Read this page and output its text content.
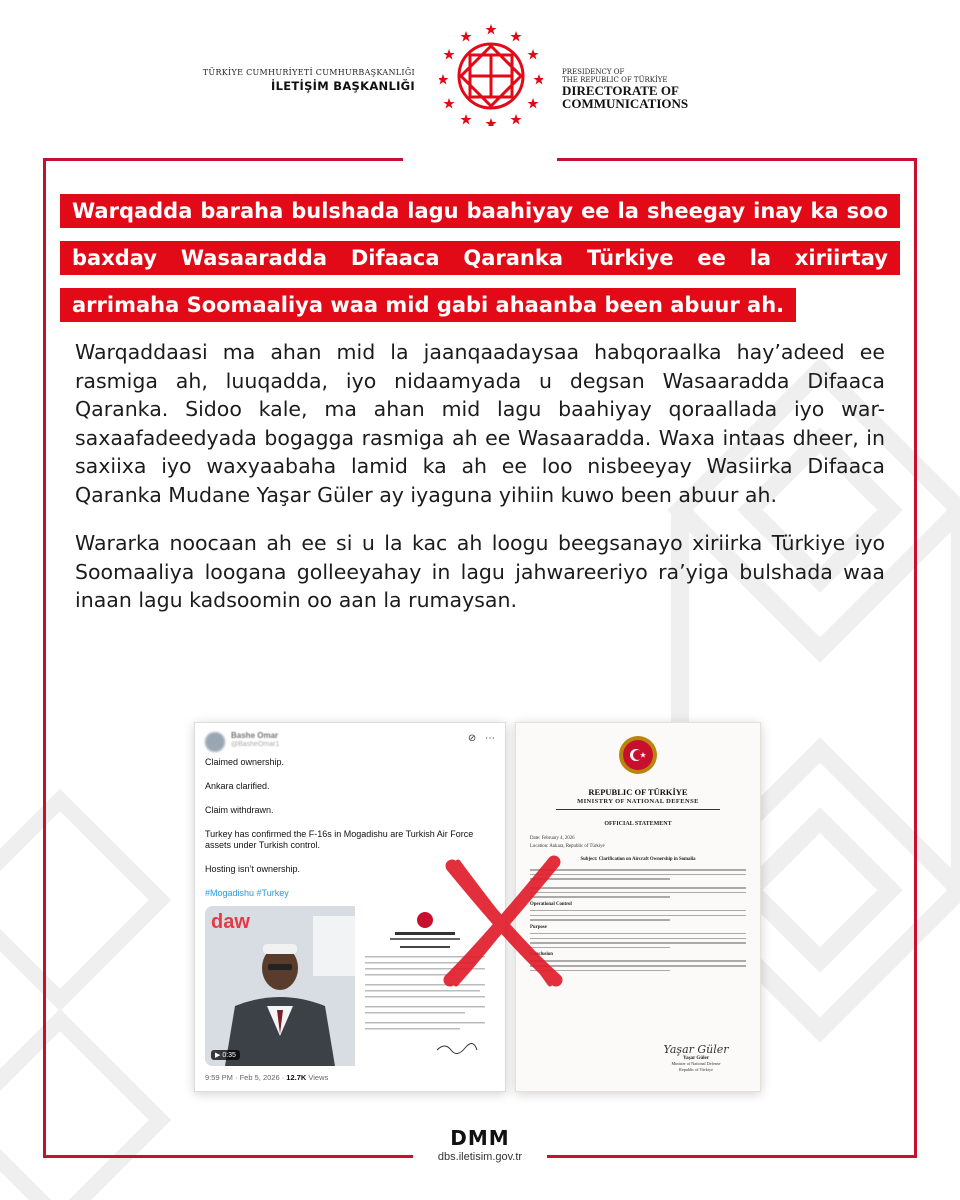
TÜRKİYE CUMHURİYETİ CUMHURBAŞKANLIĞI
İLETİŞİM BAŞKANLIĞI
PRESIDENCY OF
THE REPUBLIC OF TÜRKİYE
DIRECTORATE OF
COMMUNICATIONS
Warqadda baraha bulshada lagu baahiyay ee la sheegay inay ka soo
baxday Wasaaradda Difaaca Qaranka Türkiye ee la xiriirtay
arrimaha Soomaaliya waa mid gabi ahaanba been abuur ah.

Warqaddaasi ma ahan mid la jaanqaadaysaa habqoraalka hay’adeed ee rasmiga ah, luuqadda, iyo nidaamyada u degsan Wasaaradda Difaaca Qaranka. Sidoo kale, ma ahan mid lagu baahiyay qoraallada iyo war-saxaafadeedyada bogagga rasmiga ah ee Wasaaradda. Waxa intaas dheer, in saxiixa iyo waxyaabaha lamid ka ah ee loo nisbeeyay Wasiirka Difaaca Qaranka Mudane Yaşar Güler ay iyaguna yihiin kuwo been abuur ah.

Wararka noocaan ah ee si u la kac ah loogu beegsanayo xiriirka Türkiye iyo Soomaaliya loogana golleeyahay in lagu jahwareeriyo ra’yiga bulshada waa inaan lagu kadsoomin oo aan la rumaysan.

Bashe Omar
@BasheOmar1
⊘ ⋯
Claimed ownership.
Ankara clarified.
Claim withdrawn.
Turkey has confirmed the F-16s in Mogadishu are Turkish Air Force assets under Turkish control.
Hosting isn’t ownership.
#Mogadishu #Turkey
daw
▶ 0:35
9:59 PM · Feb 5, 2026 · 12.7K Views
REPUBLIC OF TÜRKİYE
MINISTRY OF NATIONAL DEFENSE
OFFICIAL STATEMENT
Date: February 4, 2026
Location: Ankara, Republic of Türkiye
Subject: Clarification on Aircraft Ownership in Somalia
Operational Control
Purpose
Conclusion
Yaşar Güler
Yaşar Güler
Minister of National Defense
Republic of Türkiye
DMM
dbs.iletisim.gov.tr
